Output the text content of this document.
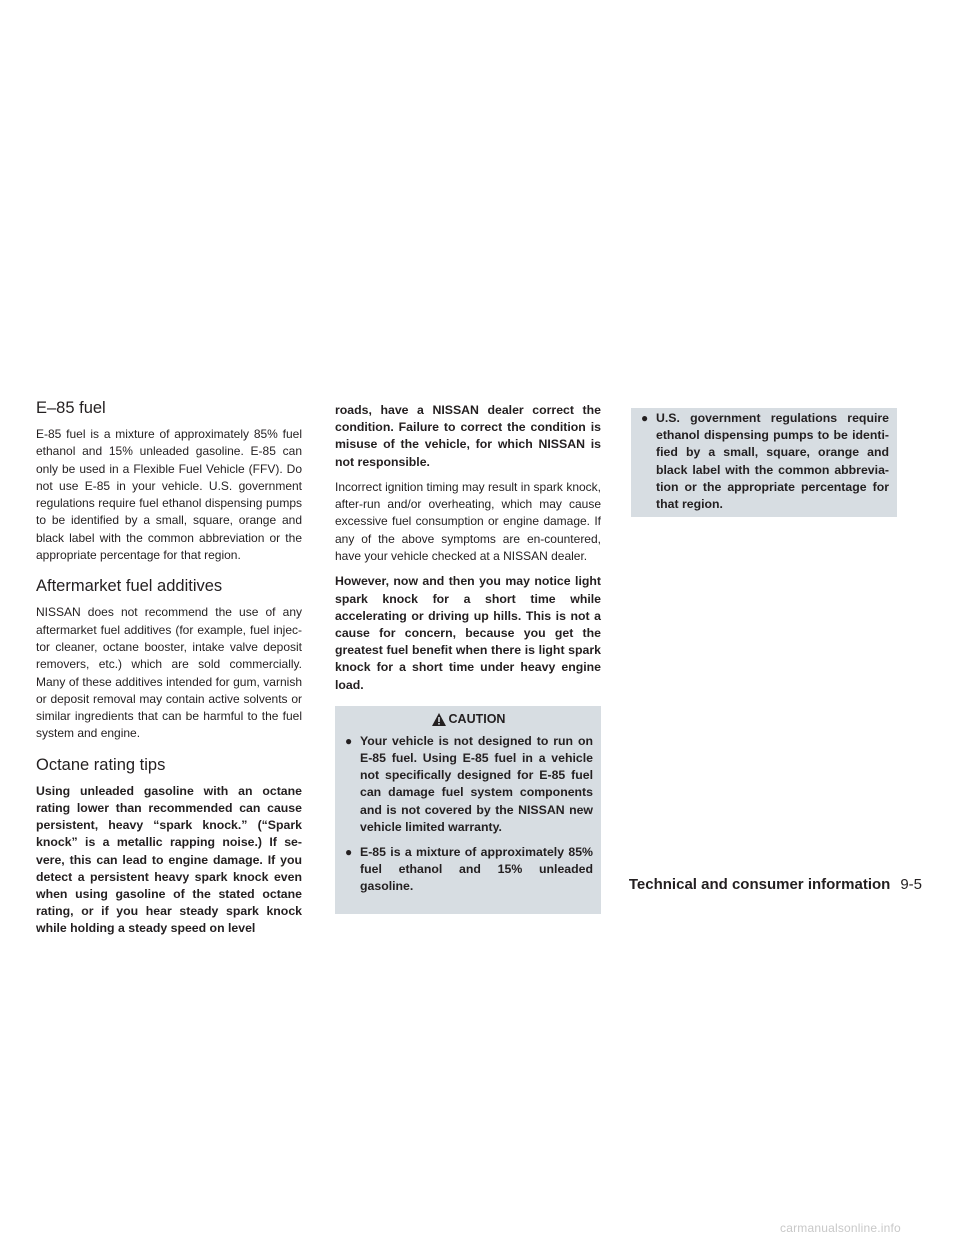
E–85 fuel

E-85 fuel is a mixture of approximately 85% fuel ethanol and 15% unleaded gasoline. E-85 can only be used in a Flexible Fuel Vehicle (FFV). Do not use E-85 in your vehicle. U.S. government regulations require fuel ethanol dispensing pumps to be identified by a small, square, orange and black label with the common abbreviation or the appropriate percentage for that region.

Aftermarket fuel additives

NISSAN does not recommend the use of any aftermarket fuel additives (for example, fuel injec-tor cleaner, octane booster, intake valve deposit removers, etc.) which are sold commercially. Many of these additives intended for gum, varnish or deposit removal may contain active solvents or similar ingredients that can be harmful to the fuel system and engine.

Octane rating tips

Using unleaded gasoline with an octane rating lower than recommended can cause persistent, heavy “spark knock.” (“Spark knock” is a metallic rapping noise.) If se-vere, this can lead to engine damage. If you detect a persistent heavy spark knock even when using gasoline of the stated octane rating, or if you hear steady spark knock while holding a steady speed on level

roads, have a NISSAN dealer correct the condition. Failure to correct the condition is misuse of the vehicle, for which NISSAN is not responsible.

Incorrect ignition timing may result in spark knock, after-run and/or overheating, which may cause excessive fuel consumption or engine damage. If any of the above symptoms are en-countered, have your vehicle checked at a NISSAN dealer.

However, now and then you may notice light spark knock for a short time while accelerating or driving up hills. This is not a cause for concern, because you get the greatest fuel benefit when there is light spark knock for a short time under heavy engine load.

CAUTION
● Your vehicle is not designed to run on E-85 fuel. Using E-85 fuel in a vehicle not specifically designed for E-85 fuel can damage fuel system components and is not covered by the NISSAN new vehicle limited warranty.
● E-85 is a mixture of approximately 85% fuel ethanol and 15% unleaded gasoline.
● U.S. government regulations require ethanol dispensing pumps to be identi-fied by a small, square, orange and black label with the common abbrevia-tion or the appropriate percentage for that region.
Technical and consumer information 9-5
carmanualsonline.info
